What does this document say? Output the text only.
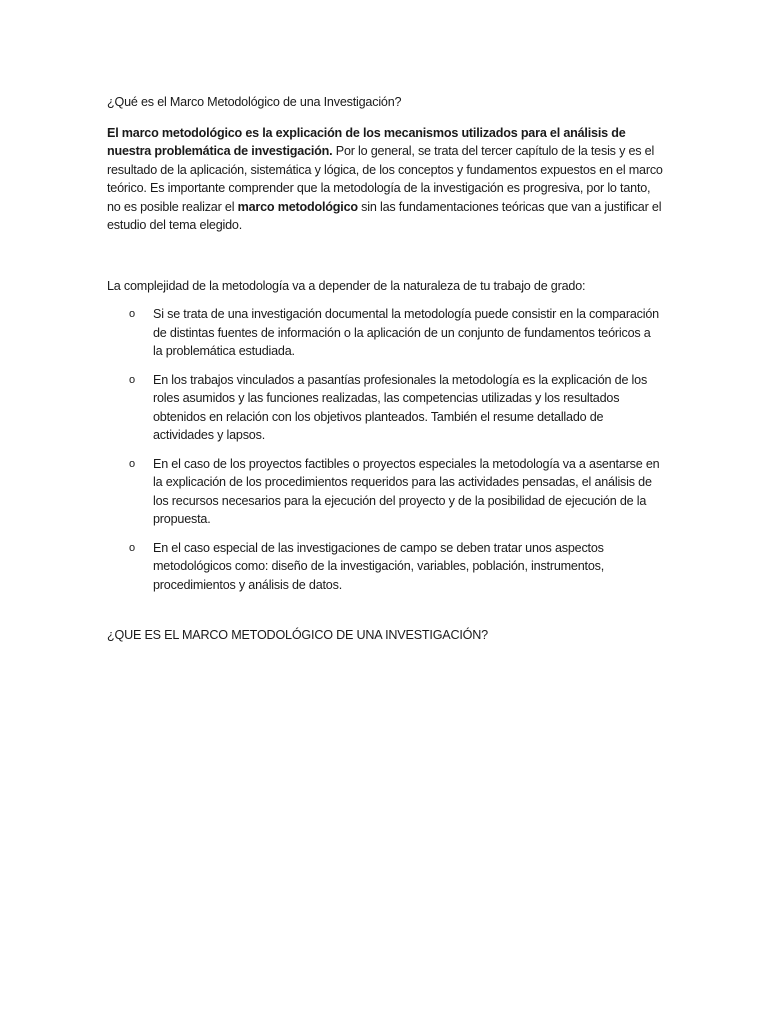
¿Qué es el Marco Metodológico de una Investigación?

El marco metodológico es la explicación de los mecanismos utilizados para el análisis de nuestra problemática de investigación. Por lo general, se trata del tercer capítulo de la tesis y es el resultado de la aplicación, sistemática y lógica, de los conceptos y fundamentos expuestos en el marco teórico. Es importante comprender que la metodología de la investigación es progresiva, por lo tanto, no es posible realizar el marco metodológico sin las fundamentaciones teóricas que van a justificar el estudio del tema elegido.

La complejidad de la metodología va a depender de la naturaleza de tu trabajo de grado:

o Si se trata de una investigación documental la metodología puede consistir en la comparación de distintas fuentes de información o la aplicación de un conjunto de fundamentos teóricos a la problemática estudiada.
o En los trabajos vinculados a pasantías profesionales la metodología es la explicación de los roles asumidos y las funciones realizadas, las competencias utilizadas y los resultados obtenidos en relación con los objetivos planteados. También el resume detallado de actividades y lapsos.
o En el caso de los proyectos factibles o proyectos especiales la metodología va a asentarse en la explicación de los procedimientos requeridos para las actividades pensadas, el análisis de los recursos necesarios para la ejecución del proyecto y de la posibilidad de ejecución de la propuesta.
o En el caso especial de las investigaciones de campo se deben tratar unos aspectos metodológicos como: diseño de la investigación, variables, población, instrumentos, procedimientos y análisis de datos.

¿QUE ES EL MARCO METODOLÓGICO DE UNA INVESTIGACIÓN?
